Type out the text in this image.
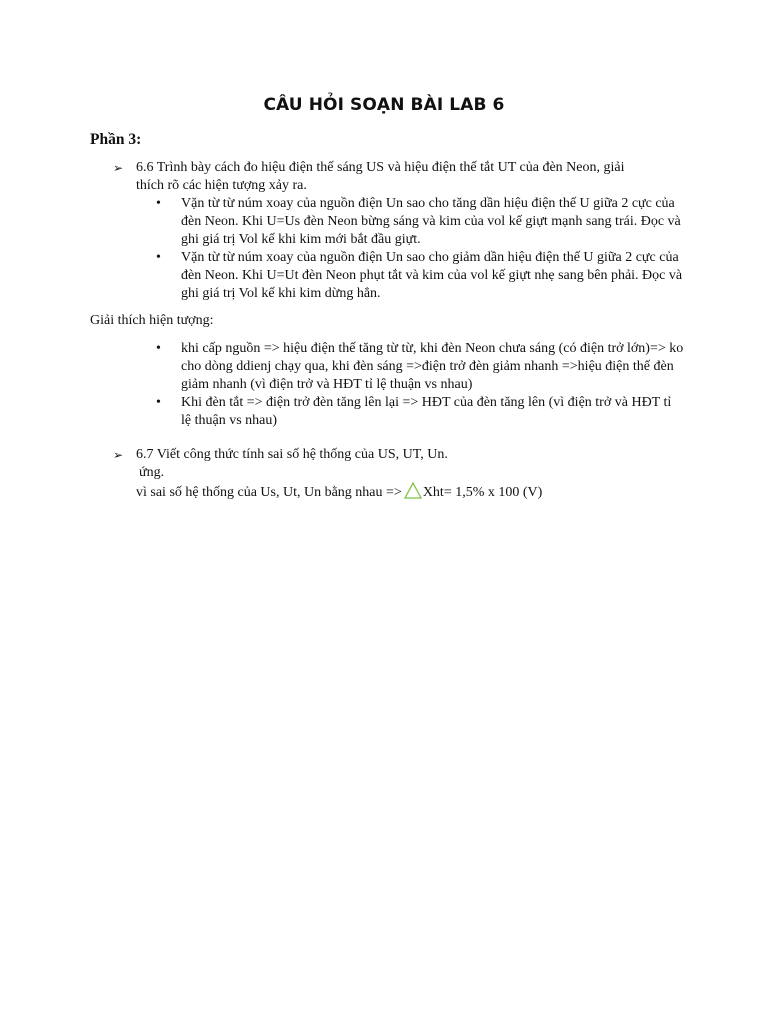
CÂU HỎI SOẠN BÀI LAB 6
Phần 3:
➢ 6.6 Trình bày cách đo hiệu điện thế sáng US và hiệu điện thế tắt UT của đèn Neon, giải
thích rõ các hiện tượng xảy ra.
• Vặn từ từ núm xoay của nguồn điện Un sao cho tăng dần hiệu điện thế U giữa 2 cực của
đèn Neon. Khi U=Us đèn Neon bừng sáng và kim của vol kế giựt mạnh sang trái. Đọc và
ghi giá trị Vol kế khi kim mới bắt đầu giựt.
• Vặn từ từ núm xoay của nguồn điện Un sao cho giảm dần hiệu điện thế U giữa 2 cực của
đèn Neon. Khi U=Ut đèn Neon phụt tắt và kim của vol kế giựt nhẹ sang bên phải. Đọc và
ghi giá trị Vol kế khi kim dừng hẳn.
Giải thích hiện tượng:
• khi cấp nguồn => hiệu điện thế tăng từ từ, khi đèn Neon chưa sáng (có điện trở lớn)=> ko
cho dòng ddienj chạy qua, khi đèn sáng =>điện trở đèn giảm nhanh =>hiệu điện thế đèn
giảm nhanh (vì điện trở và HĐT tỉ lệ thuận vs nhau)
• Khi đèn tắt => điện trở đèn tăng lên lại => HĐT của đèn tăng lên (vì điện trở và HĐT tỉ
lệ thuận vs nhau)
➢ 6.7 Viết công thức tính sai số hệ thống của US, UT, Un.
ứng.
vì sai số hệ thống của Us, Ut, Un bằng nhau => Xht= 1,5% x 100 (V)
